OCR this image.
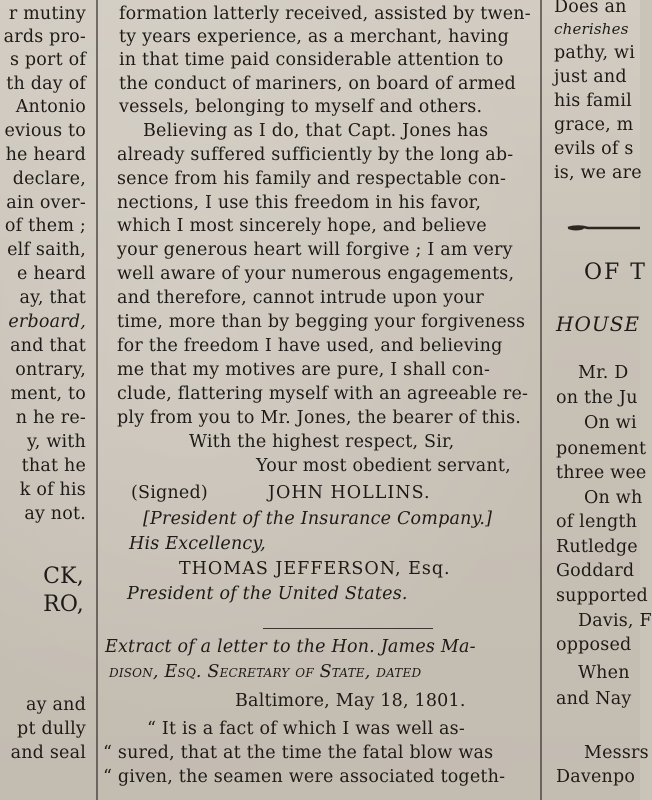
r mutiny
ards pro-
s port of
th day of
Antonio
evious to
he heard
declare,
ain over-
of them ;
elf saith,
e heard
ay, that
erboard,
and that
ontrary,
ment, to
n he re-
y, with
that he
k of his
ay not.
CK,
RO,
ay and
pt dully
and seal
formation latterly received, assisted by twen-
ty years experience, as a merchant, having
in that time paid considerable attention to
the conduct of mariners, on board of armed
vessels, belonging to myself and others.
Believing as I do, that Capt. Jones has
already suffered sufficiently by the long ab-
sence from his family and respectable con-
nections, I use this freedom in his favor,
which I most sincerely hope, and believe
your generous heart will forgive ; I am very
well aware of your numerous engagements,
and therefore, cannot intrude upon your
time, more than by begging your forgiveness
for the freedom I have used, and believing
me that my motives are pure, I shall con-
clude, flattering myself with an agreeable re-
ply from you to Mr. Jones, the bearer of this.
With the highest respect, Sir,
Your most obedient servant,
(Signed)	JOHN HOLLINS.
[President of the Insurance Company.]
His Excellency,
THOMAS JEFFERSON, Esq.
President of the United States.
Extract of a letter to the Hon. James Ma-
dison, Esq. Secretary of State, dated
Baltimore, May 18, 1801.
“ It is a fact of which I was well as-
“ sured, that at the time the fatal blow was
“ given, the seamen were associated togeth-
Does an
cherishes
pathy, wi
just and
his famil
grace, m
evils of s
is, we are
OF T
HOUSE
Mr. D
on the Ju
On wi
ponement
three wee
On wh
of length
Rutledge
Goddard
supported
Davis, F
opposed
When
and Nay
Messrs
Davenpo
